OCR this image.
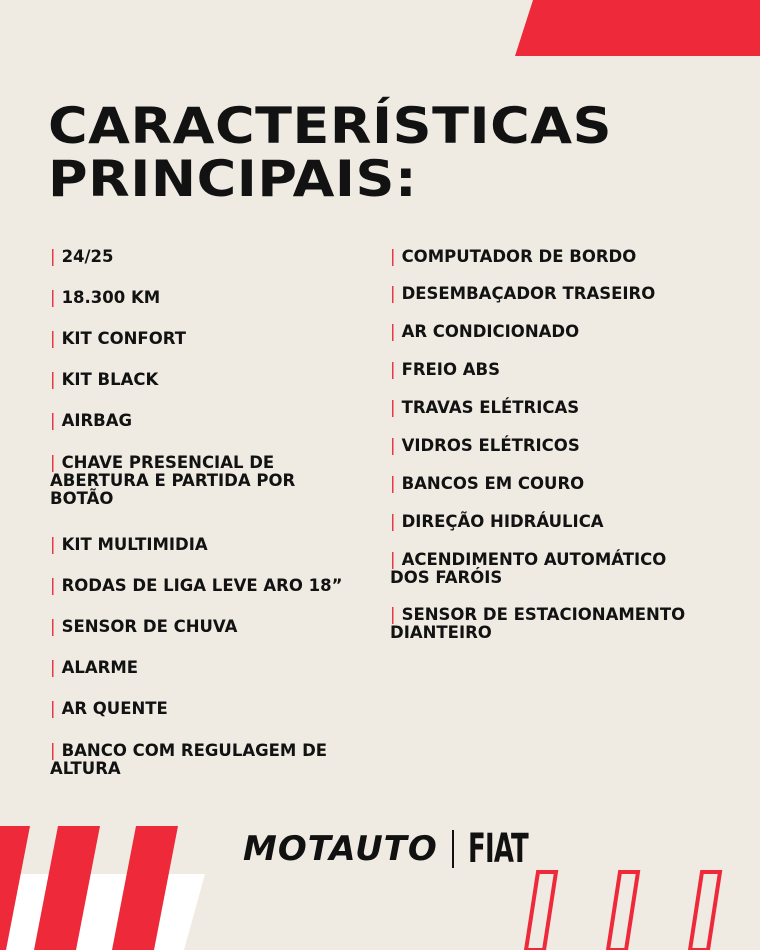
CARACTERÍSTICAS
PRINCIPAIS:
| 24/25
| 18.300 KM
| KIT CONFORT
| KIT BLACK
| AIRBAG
| CHAVE PRESENCIAL DE ABERTURA E PARTIDA POR BOTÃO
| KIT MULTIMIDIA
| RODAS DE LIGA LEVE ARO 18”
| SENSOR DE CHUVA
| ALARME
| AR QUENTE
| BANCO COM REGULAGEM DE ALTURA
| COMPUTADOR DE BORDO
| DESEMBAÇADOR TRASEIRO
| AR CONDICIONADO
| FREIO ABS
| TRAVAS ELÉTRICAS
| VIDROS ELÉTRICOS
| BANCOS EM COURO
| DIREÇÃO HIDRÁULICA
| ACENDIMENTO AUTOMÁTICO DOS FARÓIS
| SENSOR DE ESTACIONAMENTO DIANTEIRO
MOTAUTO FIAT
